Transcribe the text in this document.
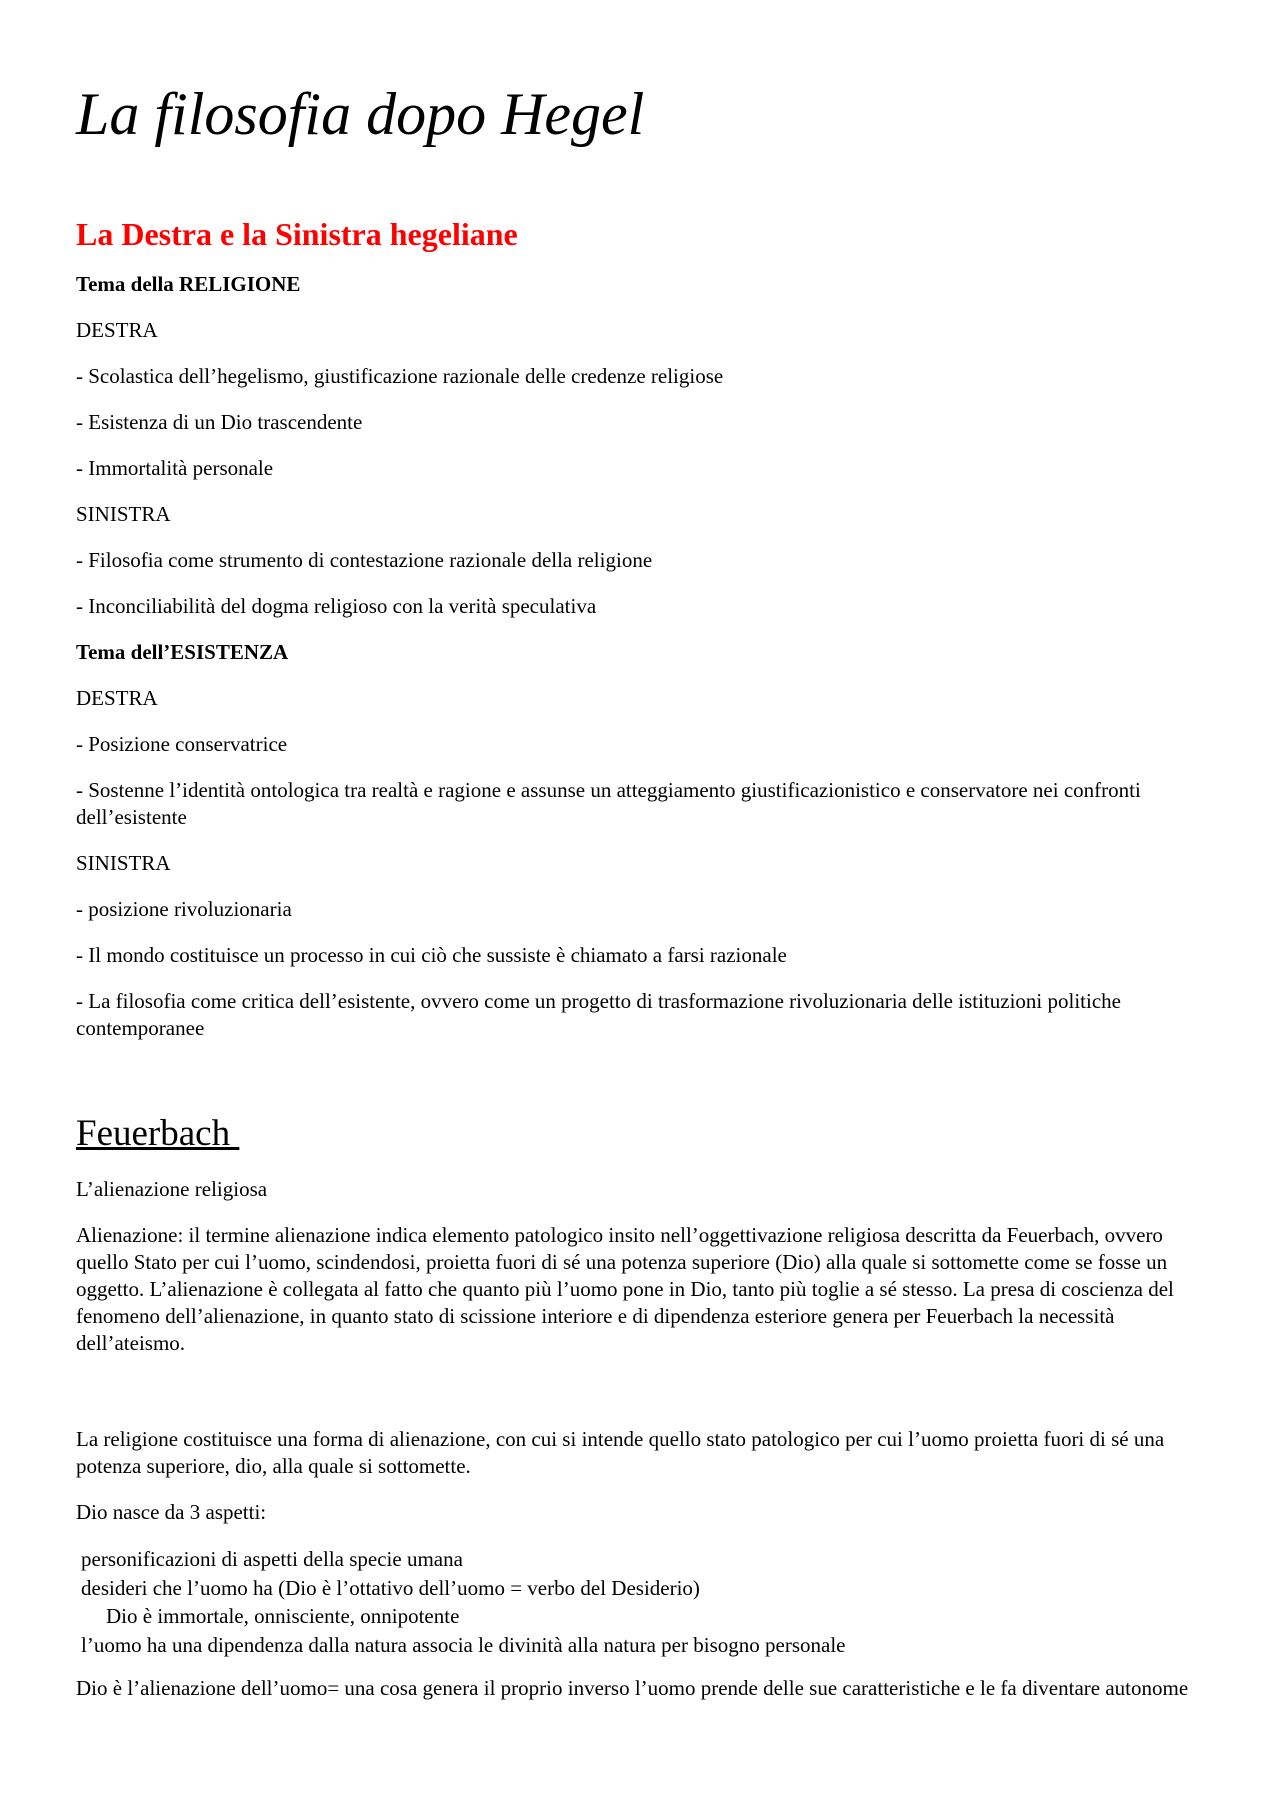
La filosofia dopo Hegel
La Destra e la Sinistra hegeliane

Tema della RELIGIONE

DESTRA

- Scolastica dell’hegelismo, giustificazione razionale delle credenze religiose

- Esistenza di un Dio trascendente

- Immortalità personale

SINISTRA

- Filosofia come strumento di contestazione razionale della religione

- Inconciliabilità del dogma religioso con la verità speculativa

Tema dell’ESISTENZA

DESTRA

- Posizione conservatrice

- Sostenne l’identità ontologica tra realtà e ragione e assunse un atteggiamento giustificazionistico e conservatore nei confronti dell’esistente

SINISTRA

- posizione rivoluzionaria

- Il mondo costituisce un processo in cui ciò che sussiste è chiamato a farsi razionale

- La filosofia come critica dell’esistente, ovvero come un progetto di trasformazione rivoluzionaria delle istituzioni politiche contemporanee

Feuerbach

L’alienazione religiosa

Alienazione: il termine alienazione indica elemento patologico insito nell’oggettivazione religiosa descritta da Feuerbach, ovvero quello Stato per cui l’uomo, scindendosi, proietta fuori di sé una potenza superiore (Dio) alla quale si sottomette come se fosse un oggetto. L’alienazione è collegata al fatto che quanto più l’uomo pone in Dio, tanto più toglie a sé stesso. La presa di coscienza del fenomeno dell’alienazione, in quanto stato di scissione interiore e di dipendenza esteriore genera per Feuerbach la necessità dell’ateismo.

La religione costituisce una forma di alienazione, con cui si intende quello stato patologico per cui l’uomo proietta fuori di sé una potenza superiore, dio, alla quale si sottomette.

Dio nasce da 3 aspetti:

personificazioni di aspetti della specie umana

desideri che l’uomo ha (Dio è l’ottativo dell’uomo = verbo del Desiderio)

Dio è immortale, onnisciente, onnipotente

l’uomo ha una dipendenza dalla natura associa le divinità alla natura per bisogno personale

Dio è l’alienazione dell’uomo= una cosa genera il proprio inverso l’uomo prende delle sue caratteristiche e le fa diventare autonome
